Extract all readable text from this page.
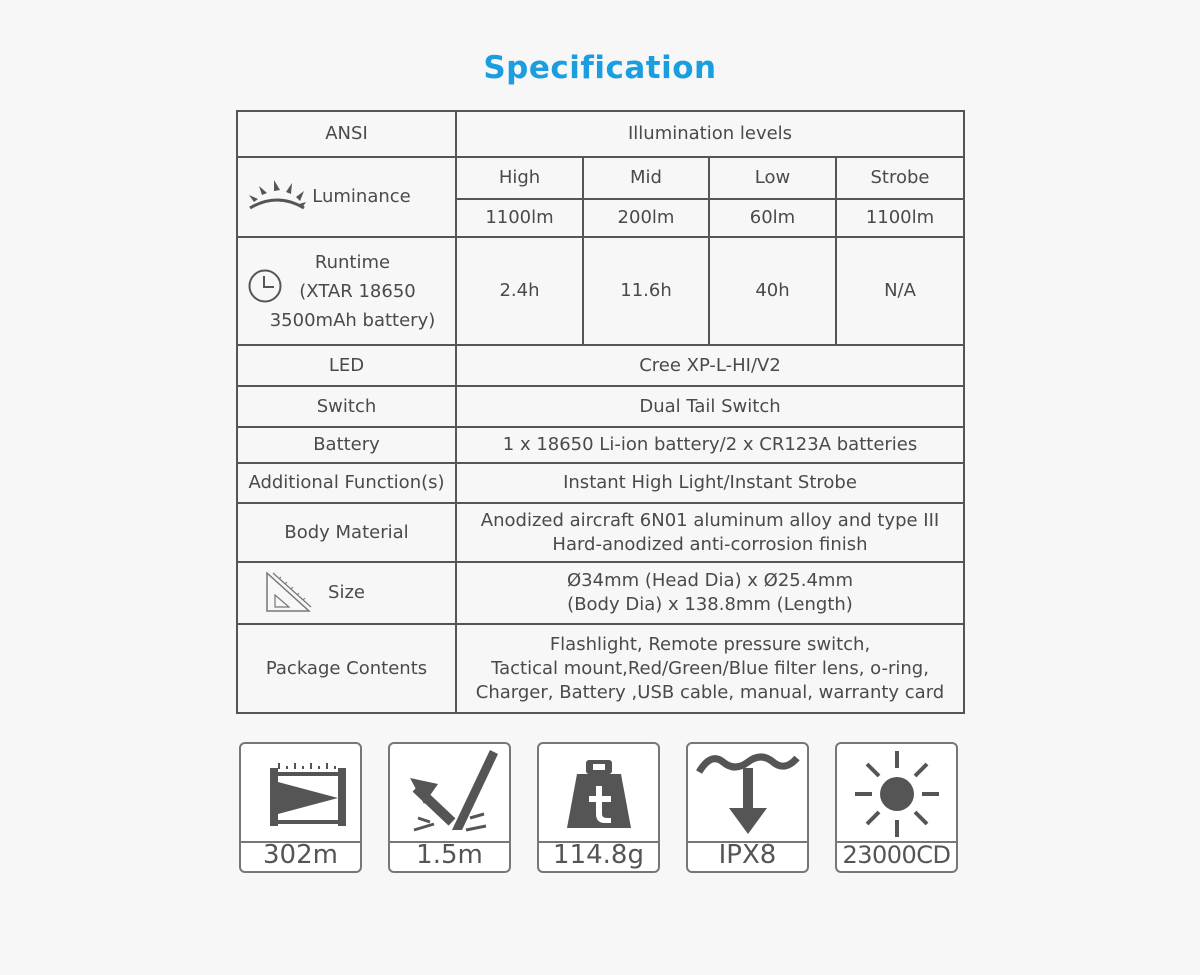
Specification
ANSI	Illumination levels			

Luminance	High	Mid	Low	Strobe
	1100lm	200lm	60lm	1100lm

Runtime
(XTAR 18650
3500mAh battery)	2.4h	11.6h	40h	N/A
LED	Cree XP-L-HI/V2			
Switch	Dual Tail Switch			
Battery	1 x 18650 Li-ion battery/2 x CR123A batteries			
Additional Function(s)	Instant High Light/Instant Strobe			
Body Material	Anodized aircraft 6N01 aluminum alloy and type III
Hard-anodized anti-corrosion finish			

Size	Ø34mm (Head Dia) x Ø25.4mm
(Body Dia) x 138.8mm (Length)			

Package Contents	Flashlight, Remote pressure switch,
Tactical mount,Red/Green/Blue filter lens, o-ring,
Charger, Battery ,USB cable, manual, warranty card			
302m	1.5m	114.8g	IPX8	23000CD
